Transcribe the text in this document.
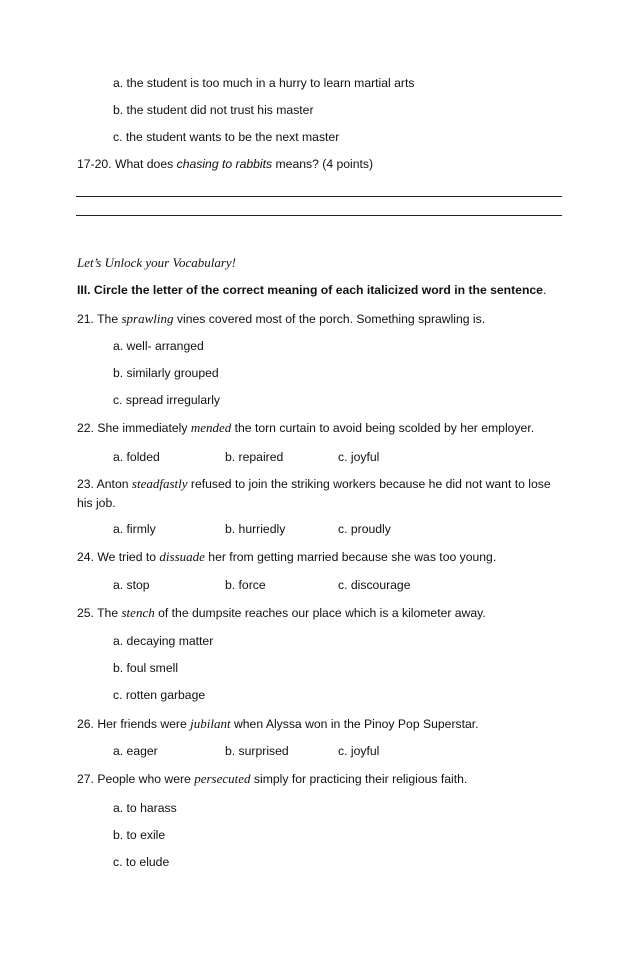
a. the student is too much in a hurry to learn martial arts
b. the student did not trust his master
c. the student wants to be the next master
17-20. What does chasing to rabbits means? (4 points)
Let’s Unlock your Vocabulary!
III. Circle the letter of the correct meaning of each italicized word in the sentence.
21. The sprawling vines covered most of the porch. Something sprawling is.
a. well- arranged
b. similarly grouped
c. spread irregularly
22. She immediately mended the torn curtain to avoid being scolded by her employer.
a. folded	b. repaired	c. joyful
23. Anton steadfastly refused to join the striking workers because he did not want to lose his job.
a. firmly	b. hurriedly	c. proudly
24. We tried to dissuade her from getting married because she was too young.
a. stop	b. force	c. discourage
25. The stench of the dumpsite reaches our place which is a kilometer away.
a. decaying matter
b. foul smell
c. rotten garbage
26. Her friends were jubilant when Alyssa won in the Pinoy Pop Superstar.
a. eager	b. surprised	c. joyful
27. People who were persecuted simply for practicing their religious faith.
a. to harass
b. to exile
c. to elude
